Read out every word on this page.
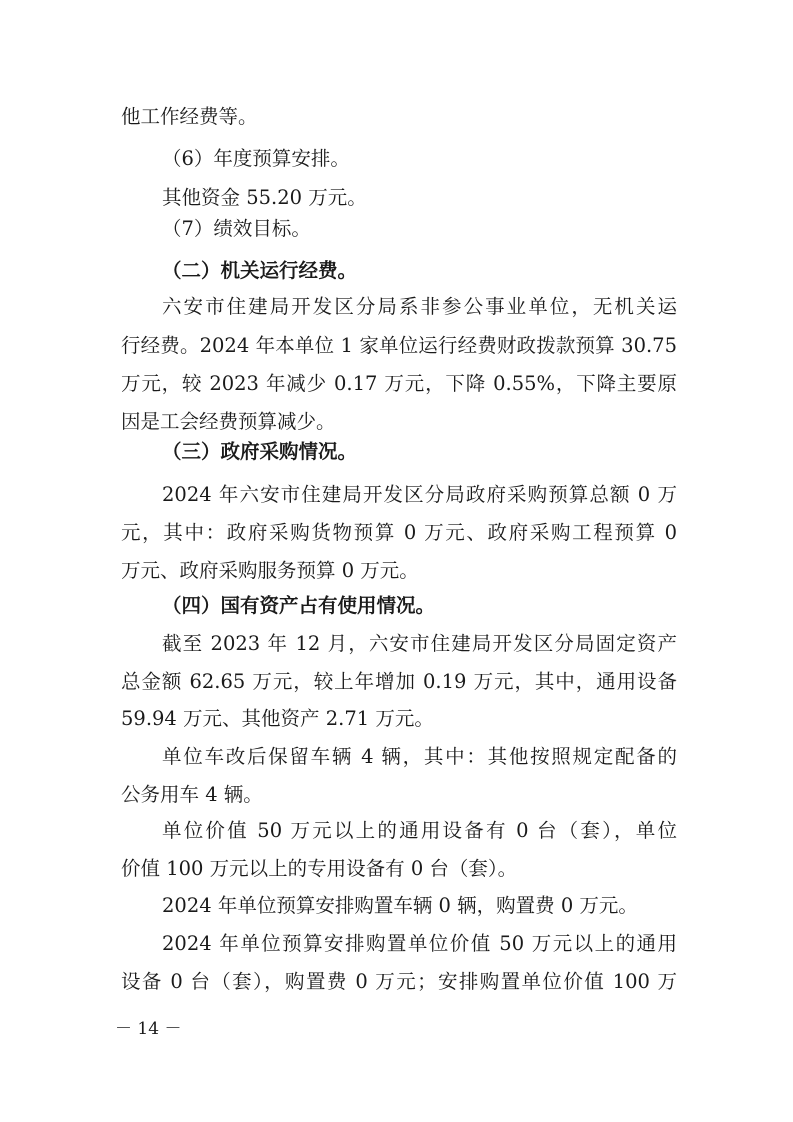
他工作经费等。
（6）年度预算安排。
其他资金 55.20 万元。
（7）绩效目标。
（二）机关运行经费。
六安市住建局开发区分局系非参公事业单位，无机关运
行经费。2024 年本单位 1 家单位运行经费财政拨款预算 30.75
万元，较 2023 年减少 0.17 万元，下降 0.55%，下降主要原
因是工会经费预算减少。
（三）政府采购情况。
2024 年六安市住建局开发区分局政府采购预算总额 0 万
元，其中：政府采购货物预算 0 万元、政府采购工程预算 0
万元、政府采购服务预算 0 万元。
（四）国有资产占有使用情况。
截至 2023 年 12 月，六安市住建局开发区分局固定资产
总金额 62.65 万元，较上年增加 0.19 万元，其中，通用设备
59.94 万元、其他资产 2.71 万元。
单位车改后保留车辆 4 辆，其中：其他按照规定配备的
公务用车 4 辆。
单位价值 50 万元以上的通用设备有 0 台（套），单位
价值 100 万元以上的专用设备有 0 台（套）。
2024 年单位预算安排购置车辆 0 辆，购置费 0 万元。
2024 年单位预算安排购置单位价值 50 万元以上的通用
设备 0 台（套），购置费 0 万元；安排购置单位价值 100 万
－ 14 －
